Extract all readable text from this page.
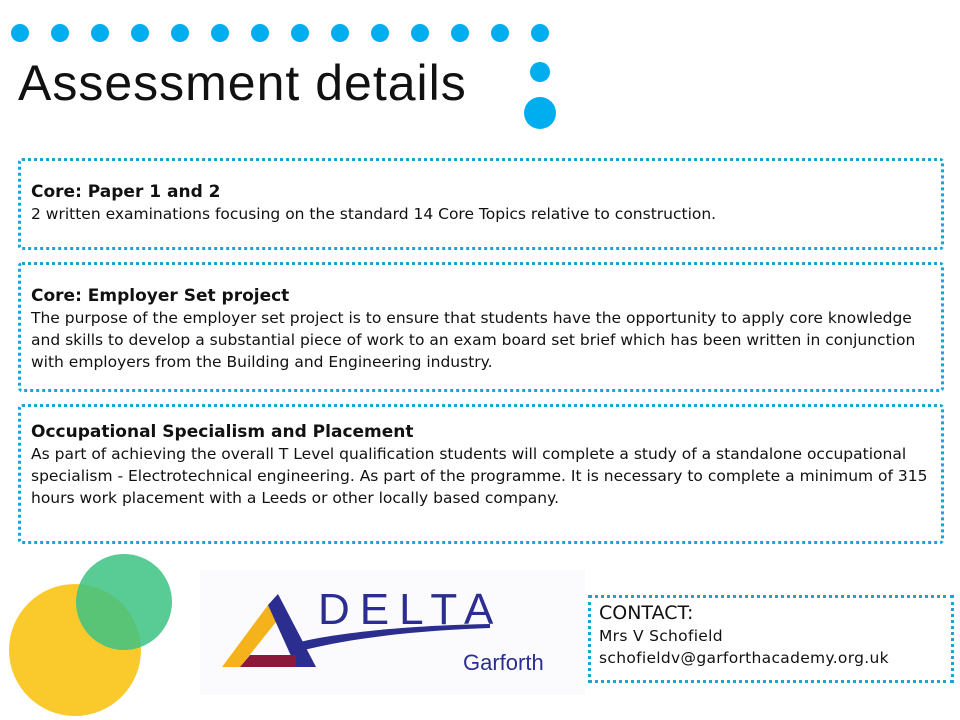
Assessment details
Core: Paper 1 and 2

2 written examinations focusing on the standard 14 Core Topics relative to construction.

Core: Employer Set project

The purpose of the employer set project is to ensure that students have the opportunity to apply core knowledge and skills to develop a substantial piece of work to an exam board set brief which has been written in conjunction with employers from the Building and Engineering industry.

Occupational Specialism and Placement

As part of achieving the overall T Level qualification students will complete a study of a standalone occupational specialism - Electrotechnical engineering. As part of the programme. It is necessary to complete a minimum of 315 hours work placement with a Leeds or other locally based company.

DELTA
Garforth
CONTACT:
Mrs V Schofield
schofieldv@garforthacademy.org.uk
